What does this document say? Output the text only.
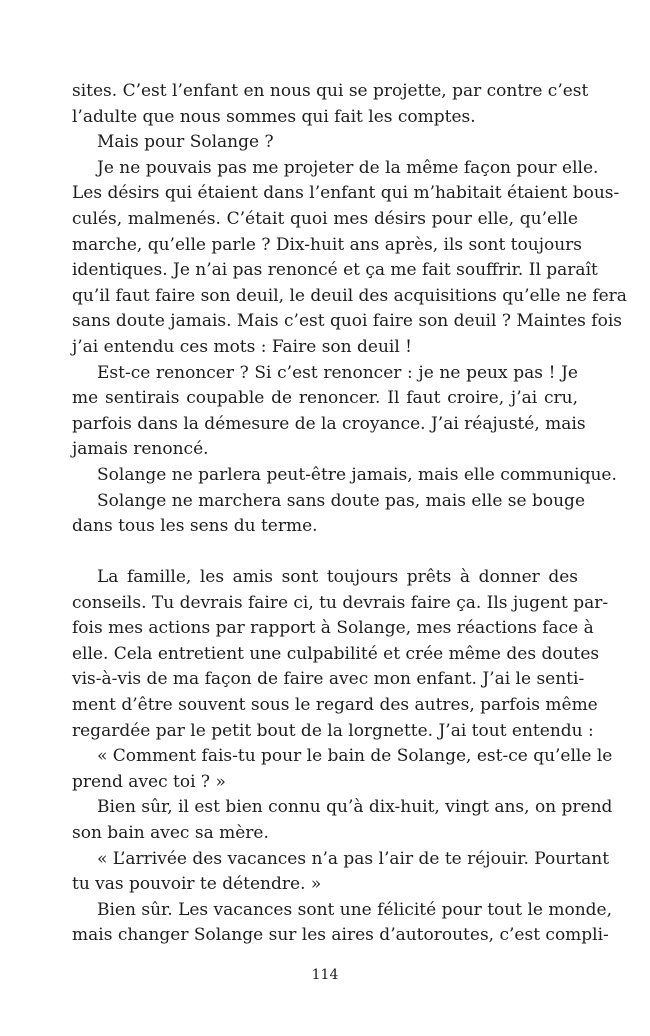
sites. C’est l’enfant en nous qui se projette, par contre c’est
l’adulte que nous sommes qui fait les comptes.
Mais pour Solange ?
Je ne pouvais pas me projeter de la même façon pour elle.
Les désirs qui étaient dans l’enfant qui m’habitait étaient bous-
culés, malmenés. C’était quoi mes désirs pour elle, qu’elle
marche, qu’elle parle ? Dix-huit ans après, ils sont toujours
identiques. Je n’ai pas renoncé et ça me fait souffrir. Il paraît
qu’il faut faire son deuil, le deuil des acquisitions qu’elle ne fera
sans doute jamais. Mais c’est quoi faire son deuil ? Maintes fois
j’ai entendu ces mots : Faire son deuil !
Est-ce renoncer ? Si c’est renoncer : je ne peux pas ! Je
me sentirais coupable de renoncer. Il faut croire, j’ai cru,
parfois dans la démesure de la croyance. J’ai réajusté, mais
jamais renoncé.
Solange ne parlera peut-être jamais, mais elle communique.
Solange ne marchera sans doute pas, mais elle se bouge
dans tous les sens du terme.
La famille, les amis sont toujours prêts à donner des
conseils. Tu devrais faire ci, tu devrais faire ça. Ils jugent par-
fois mes actions par rapport à Solange, mes réactions face à
elle. Cela entretient une culpabilité et crée même des doutes
vis-à-vis de ma façon de faire avec mon enfant. J’ai le senti-
ment d’être souvent sous le regard des autres, parfois même
regardée par le petit bout de la lorgnette. J’ai tout entendu :
« Comment fais-tu pour le bain de Solange, est-ce qu’elle le
prend avec toi ? »
Bien sûr, il est bien connu qu’à dix-huit, vingt ans, on prend
son bain avec sa mère.
« L’arrivée des vacances n’a pas l’air de te réjouir. Pourtant
tu vas pouvoir te détendre. »
Bien sûr. Les vacances sont une félicité pour tout le monde,
mais changer Solange sur les aires d’autoroutes, c’est compli-
114
